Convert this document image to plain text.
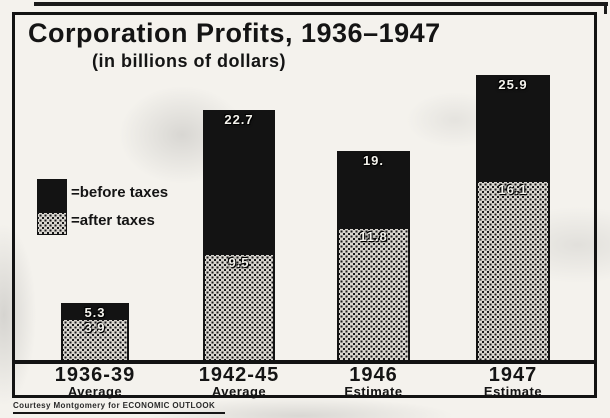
Corporation Profits, 1936–1947
(in billions of dollars)
=before taxes
=after taxes
5.3
3.9
1936-39
Average
22.7
9.5
1942-45
Average
19.
11.8
1946
Estimate
25.9
16.1
1947
Estimate
Courtesy Montgomery for ECONOMIC OUTLOOK
